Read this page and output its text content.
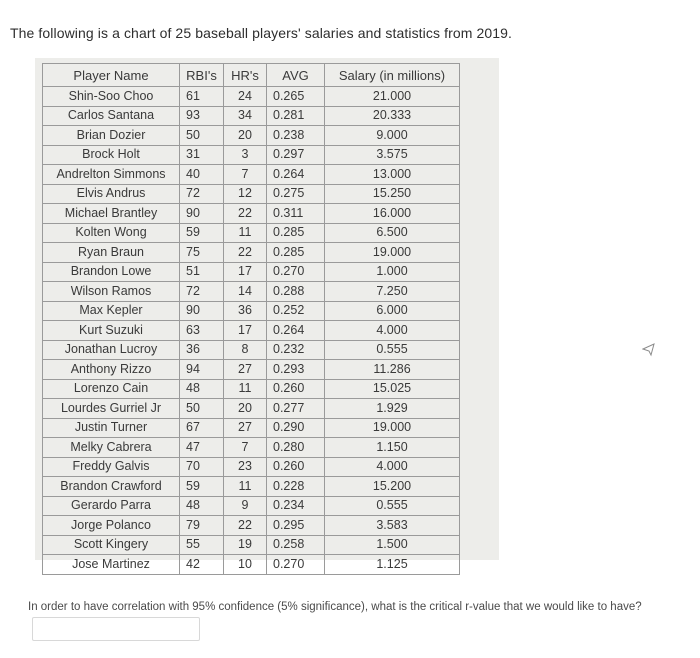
The following is a chart of 25 baseball players' salaries and statistics from 2019.
Player Name	RBI's	HR's	AVG	Salary (in millions)
Shin-Soo Choo	61	24	0.265	21.000
Carlos Santana	93	34	0.281	20.333
Brian Dozier	50	20	0.238	9.000
Brock Holt	31	3	0.297	3.575
Andrelton Simmons	40	7	0.264	13.000
Elvis Andrus	72	12	0.275	15.250
Michael Brantley	90	22	0.311	16.000
Kolten Wong	59	11	0.285	6.500
Ryan Braun	75	22	0.285	19.000
Brandon Lowe	51	17	0.270	1.000
Wilson Ramos	72	14	0.288	7.250
Max Kepler	90	36	0.252	6.000
Kurt Suzuki	63	17	0.264	4.000
Jonathan Lucroy	36	8	0.232	0.555
Anthony Rizzo	94	27	0.293	11.286
Lorenzo Cain	48	11	0.260	15.025
Lourdes Gurriel Jr	50	20	0.277	1.929
Justin Turner	67	27	0.290	19.000
Melky Cabrera	47	7	0.280	1.150
Freddy Galvis	70	23	0.260	4.000
Brandon Crawford	59	11	0.228	15.200
Gerardo Parra	48	9	0.234	0.555
Jorge Polanco	79	22	0.295	3.583
Scott Kingery	55	19	0.258	1.500
Jose Martinez	42	10	0.270	1.125
In order to have correlation with 95% confidence (5% significance), what is the critical r-value that we would like to have?
